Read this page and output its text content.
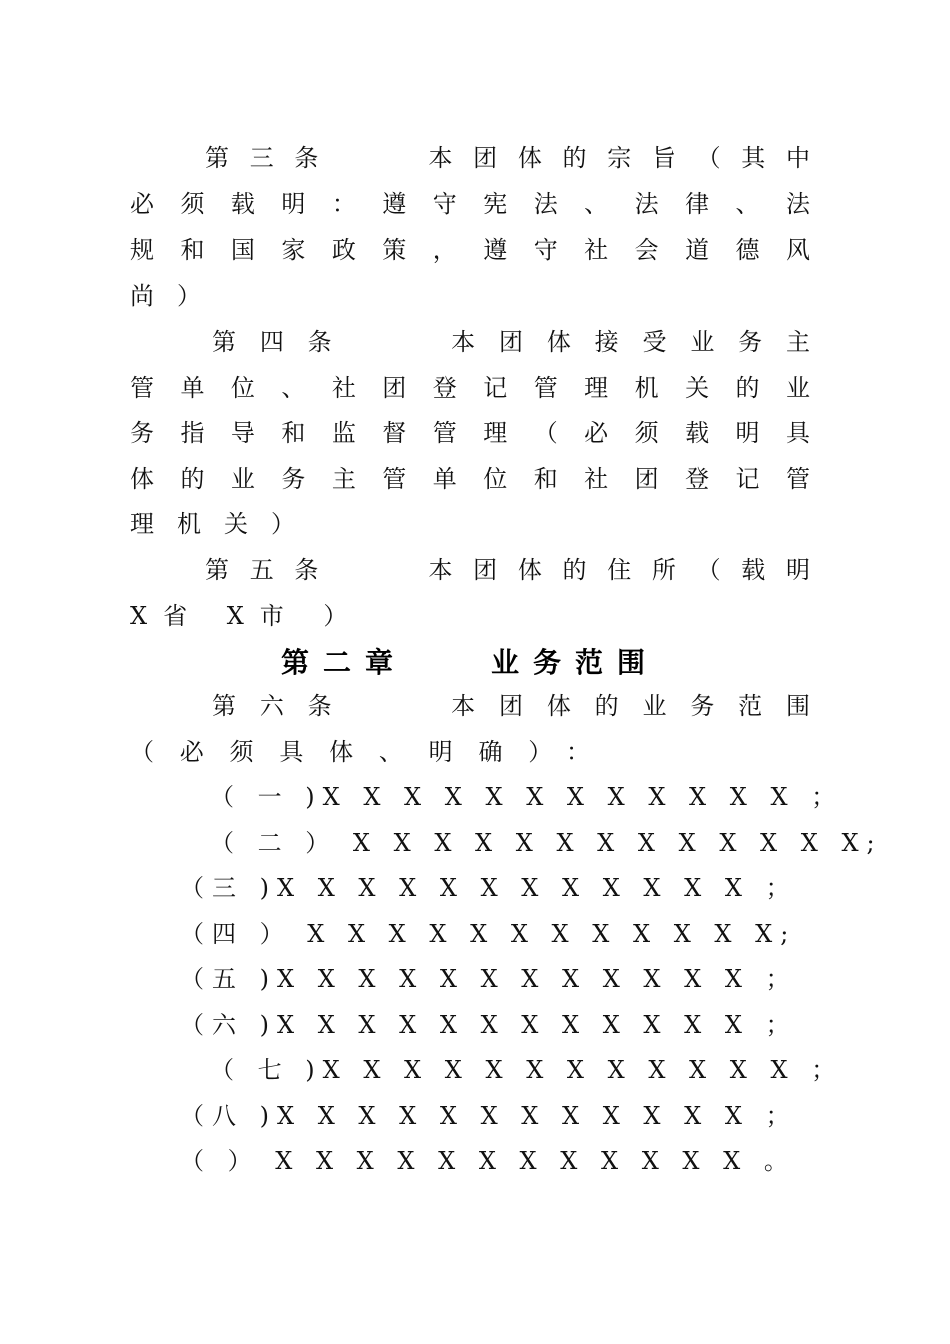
第三条　　本团体的宗旨（其中
必须载明：遵守宪法、法律、法
规和国家政策，遵守社会道德风
尚）
第四条　　本团体接受业务主
管单位、社团登记管理机关的业
务指导和监督管理（必须载明具
体的业务主管单位和社团登记管
理机关）
第五条　　本团体的住所（载明
X省 X市 ）
第二章　　业务范围
第六条　　本团体的业务范围
（必须具体、明确）：
（ 一 )X X X X X X X X X X X X ；
（ 二 ） X X X X X X X X X X X X X;
（三 )X X X X X X X X X X X X ；
（四 ） X X X X X X X X X X X X;
（五 )X X X X X X X X X X X X ；
（六 )X X X X X X X X X X X X ；
（ 七 )X X X X X X X X X X X X ；
（八 )X X X X X X X X X X X X ；
（ ） X X X X X X X X X X X X 。
